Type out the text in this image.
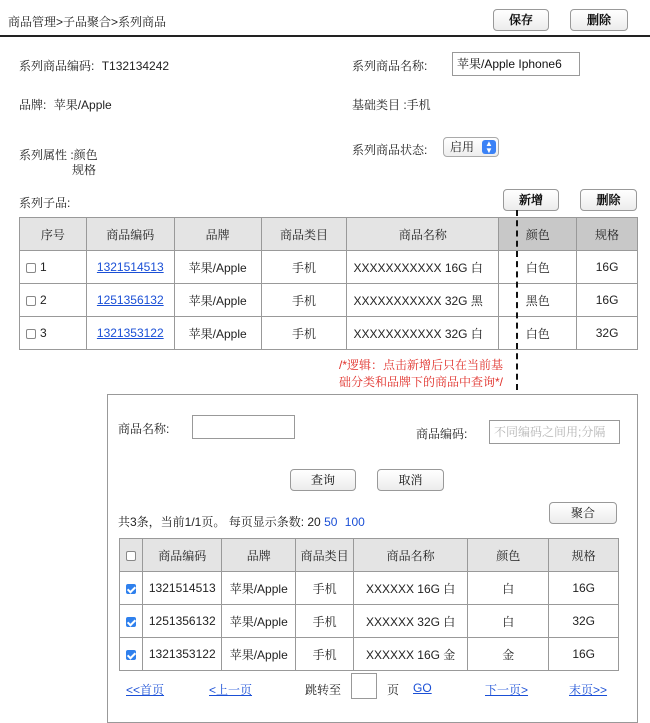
商品管理>子品聚合>系列商品	保存	删除
系列商品编码: T132134242	系列商品名称:	苹果/Apple Iphone6
品牌: 苹果/Apple	基础类目 :手机
系列属性 :颜色
规格
系列商品状态:	启用	▲
▼
系列子品:	新增	删除
序号	商品编码	品牌	商品类目	商品名称	颜色	规格
1	1321514513	苹果/Apple	手机	XXXXXXXXXXX 16G 白	白色	16G
2	1251356132	苹果/Apple	手机	XXXXXXXXXXX 32G 黑	黑色	16G
3	1321353122	苹果/Apple	手机	XXXXXXXXXXX 32G 白	白色	32G
/*逻辑：点击新增后只在当前基
础分类和品牌下的商品中查询*/
商品名称:	商品编码:	不同编码之间用;分隔
查询	取消
共3条，当前1/1页。 每页显示条数: 20 50 100
聚合
	商品编码	品牌	商品类目	商品名称	颜色	规格
	1321514513	苹果/Apple	手机	XXXXXX 16G 白	白	16G
	1251356132	苹果/Apple	手机	XXXXXX 32G 白	白	32G
	1321353122	苹果/Apple	手机	XXXXXX 16G 金	金	16G
<<首页	<上一页	跳转至	页 GO	下一页>	末页>>
